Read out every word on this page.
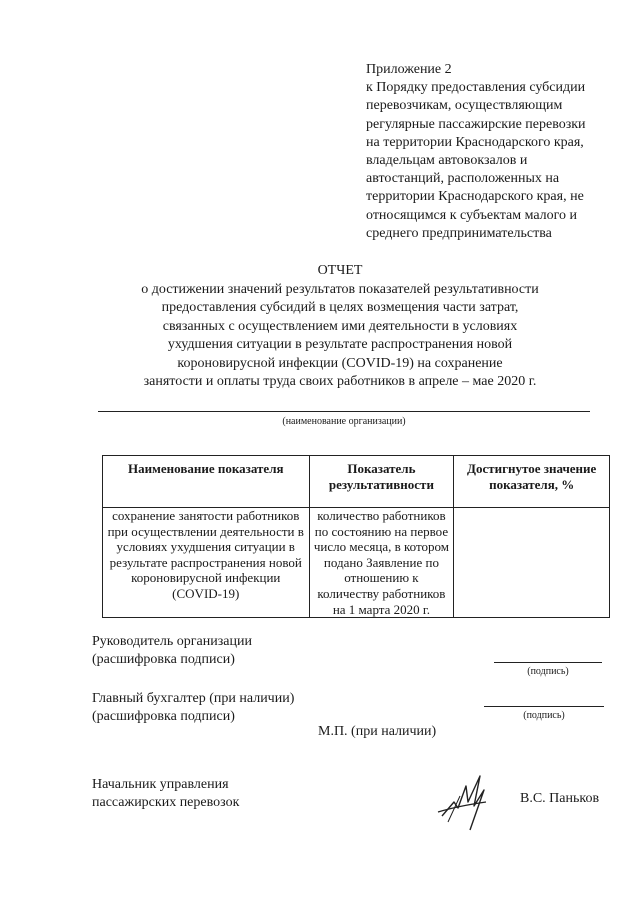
Приложение 2
к Порядку предоставления субсидии
перевозчикам, осуществляющим
регулярные пассажирские перевозки
на территории Краснодарского края,
владельцам автовокзалов и
автостанций, расположенных на
территории Краснодарского края, не
относящимся к субъектам малого и
среднего предпринимательства
ОТЧЕТ
о достижении значений результатов показателей результативности
предоставления субсидий в целях возмещения части затрат,
связанных с осуществлением ими деятельности в условиях
ухудшения ситуации в результате распространения новой
короновирусной инфекции (COVID-19) на сохранение
занятости и оплаты труда своих работников в апреле – мае 2020 г.
(наименование организации)
Наименование показателя	Показатель результативности	Достигнутое значение показателя, %
сохранение занятости работников при осуществлении деятельности в условиях ухудшения ситуации в результате распространения новой короновирусной инфекции (COVID-19)	количество работников по состоянию на первое число месяца, в котором подано Заявление по отношению к количеству работников на 1 марта 2020 г.	
Руководитель организации
(расшифровка подписи)
(подпись)
Главный бухгалтер (при наличии)
(расшифровка подписи)	(подпись)
М.П. (при наличии)
Начальник управления
пассажирских перевозок	В.С. Паньков
